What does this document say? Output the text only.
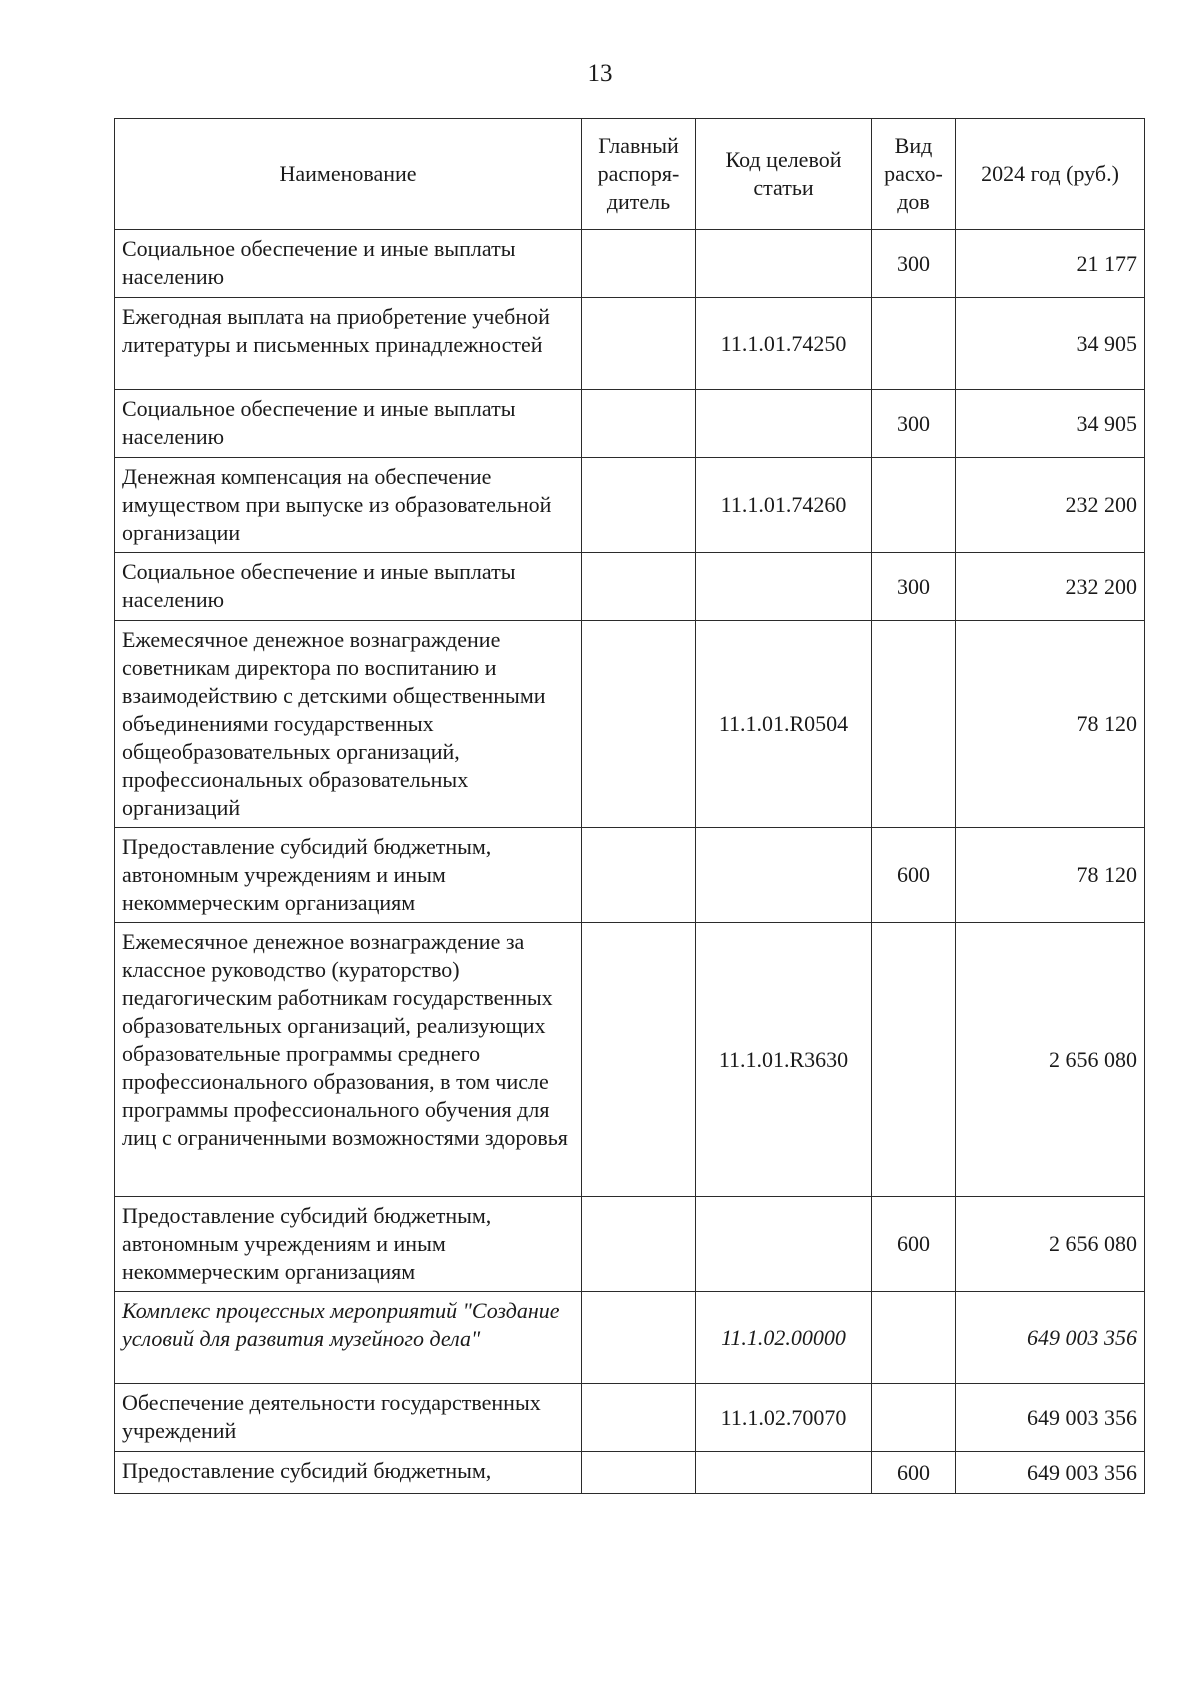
13
Наименование	Главный распоря-дитель	Код целевой статьи	Вид расхо-дов	2024 год (руб.)
Социальное обеспечение и иные выплаты населению			300	21 177
Ежегодная выплата на приобретение учебной литературы и письменных принадлежностей		11.1.01.74250		34 905
Социальное обеспечение и иные выплаты населению			300	34 905
Денежная компенсация на обеспечение имуществом при выпуске из образовательной организации		11.1.01.74260		232 200
Социальное обеспечение и иные выплаты населению			300	232 200
Ежемесячное денежное вознаграждение советникам директора по воспитанию и взаимодействию с детскими общественными объединениями государственных общеобразовательных организаций, профессиональных образовательных организаций		11.1.01.R0504		78 120
Предоставление субсидий бюджетным, автономным учреждениям и иным некоммерческим организациям			600	78 120
Ежемесячное денежное вознаграждение за классное руководство (кураторство) педагогическим работникам государственных образовательных организаций, реализующих образовательные программы среднего профессионального образования, в том числе программы профессионального обучения для лиц с ограниченными возможностями здоровья		11.1.01.R3630		2 656 080
Предоставление субсидий бюджетным, автономным учреждениям и иным некоммерческим организациям			600	2 656 080
Комплекс процессных мероприятий "Создание условий для развития музейного дела"		11.1.02.00000		649 003 356
Обеспечение деятельности государственных учреждений		11.1.02.70070		649 003 356
Предоставление субсидий бюджетным,			600	649 003 356
